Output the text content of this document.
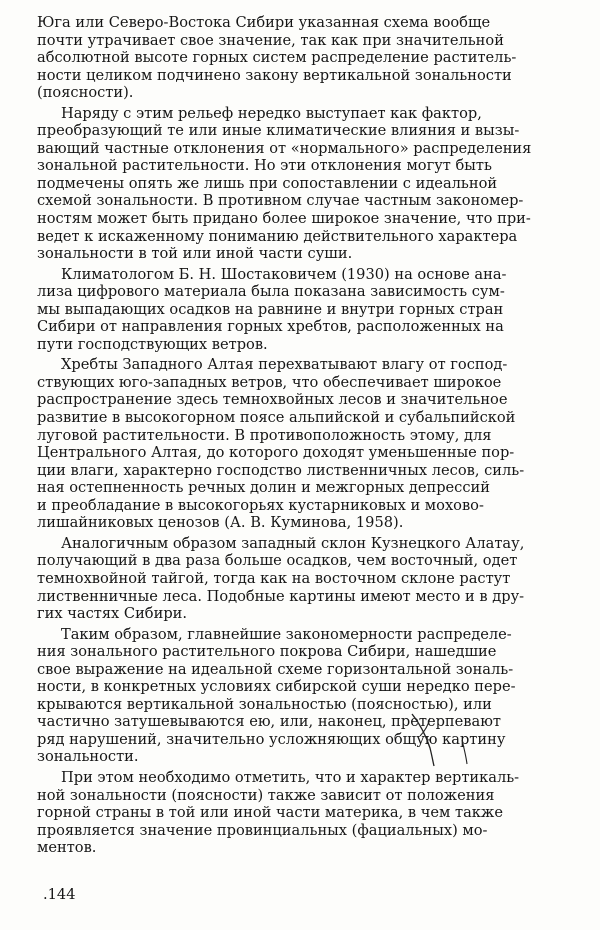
Юга или Северо-Востока Сибири указанная схема вообще
почти утрачивает свое значение, так как при значительной
абсолютной высоте горных систем распределение раститель-
ности целиком подчинено закону вертикальной зональности
(поясности).
Наряду с этим рельеф нередко выступает как фактор,
преобразующий те или иные климатические влияния и вызы-
вающий частные отклонения от «нормального» распределения
зональной растительности. Но эти отклонения могут быть
подмечены опять же лишь при сопоставлении с идеальной
схемой зональности. В противном случае частным закономер-
ностям может быть придано более широкое значение, что при-
ведет к искаженному пониманию действительного характера
зональности в той или иной части суши.
Климатологом Б. Н. Шостаковичем (1930) на основе ана-
лиза цифрового материала была показана зависимость сум-
мы выпадающих осадков на равнине и внутри горных стран
Сибири от направления горных хребтов, расположенных на
пути господствующих ветров.
Хребты Западного Алтая перехватывают влагу от господ-
ствующих юго-западных ветров, что обеспечивает широкое
распространение здесь темнохвойных лесов и значительное
развитие в высокогорном поясе альпийской и субальпийской
луговой растительности. В противоположность этому, для
Центрального Алтая, до которого доходят уменьшенные пор-
ции влаги, характерно господство лиственничных лесов, силь-
ная остепненность речных долин и межгорных депрессий
и преобладание в высокогорьях кустарниковых и мохово-
лишайниковых ценозов (А. В. Куминова, 1958).
Аналогичным образом западный склон Кузнецкого Алатау,
получающий в два раза больше осадков, чем восточный, одет
темнохвойной тайгой, тогда как на восточном склоне растут
лиственничные леса. Подобные картины имеют место и в дру-
гих частях Сибири.
Таким образом, главнейшие закономерности распределе-
ния зонального растительного покрова Сибири, нашедшие
свое выражение на идеальной схеме горизонтальной зональ-
ности, в конкретных условиях сибирской суши нередко пере-
крываются вертикальной зональностью (поясностью), или
частично затушевываются ею, или, наконец, претерпевают
ряд нарушений, значительно усложняющих общую картину
зональности.
При этом необходимо отметить, что и характер вертикаль-
ной зональности (поясности) также зависит от положения
горной страны в той или иной части материка, в чем также
проявляется значение провинциальных (фациальных) мо-
ментов.
.144
